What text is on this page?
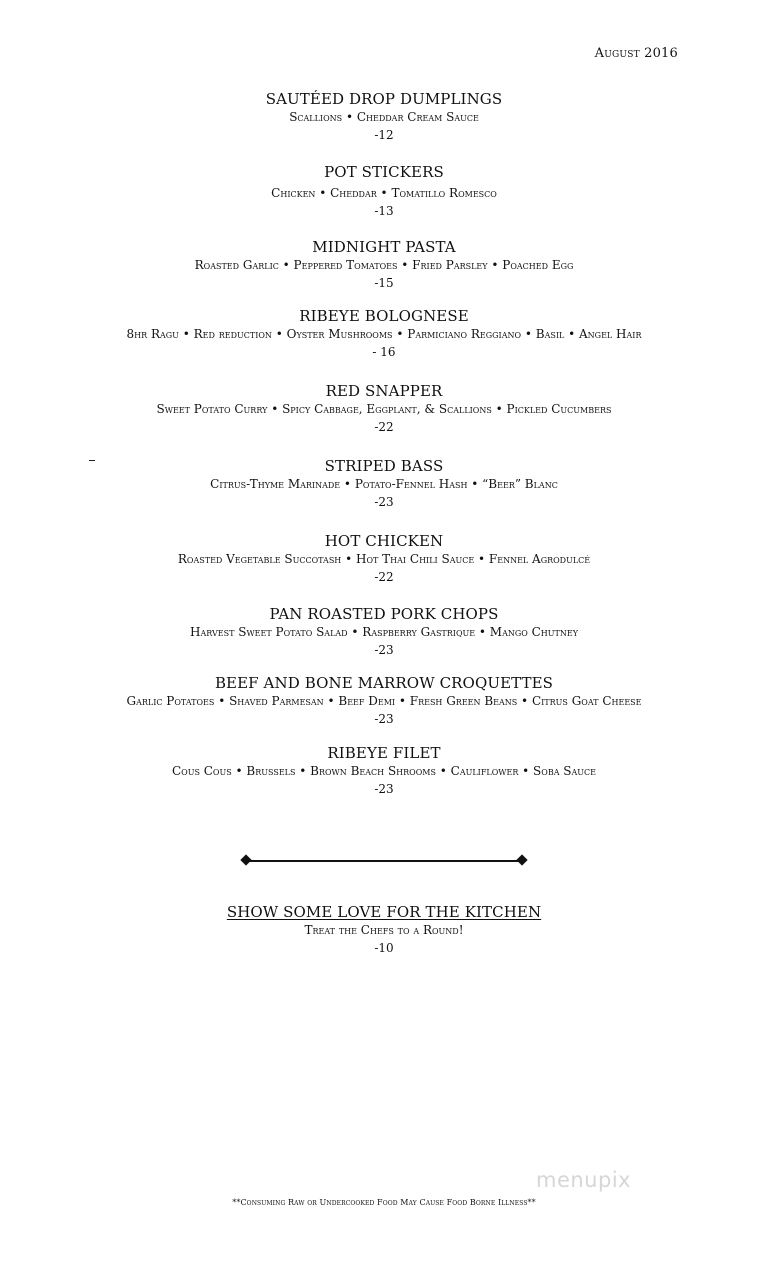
August 2016
SAUTÉED DROP DUMPLINGS
Scallions • Cheddar Cream Sauce
-12
POT STICKERS
Chicken • Cheddar • Tomatillo Romesco
-13
MIDNIGHT PASTA
Roasted Garlic • Peppered Tomatoes • Fried Parsley • Poached Egg
-15
RIBEYE BOLOGNESE
8hr Ragu • Red reduction • Oyster Mushrooms • Parmiciano Reggiano • Basil • Angel Hair
- 16
RED SNAPPER
Sweet Potato Curry • Spicy Cabbage, Eggplant, & Scallions • Pickled Cucumbers
-22
STRIPED BASS
Citrus-Thyme Marinade • Potato-Fennel Hash • “Beer” Blanc
-23
HOT CHICKEN
Roasted Vegetable Succotash • Hot Thai Chili Sauce • Fennel Agrodulcé
-22
PAN ROASTED PORK CHOPS
Harvest Sweet Potato Salad • Raspberry Gastrique • Mango Chutney
-23
BEEF AND BONE MARROW CROQUETTES
Garlic Potatoes • Shaved Parmesan • Beef Demi • Fresh Green Beans • Citrus Goat Cheese
-23
RIBEYE FILET
Cous Cous • Brussels • Brown Beach Shrooms • Cauliflower • Soba Sauce
-23
SHOW SOME LOVE FOR THE KITCHEN
Treat the Chefs to a Round!
-10
menupix
**Consuming Raw or Undercooked Food May Cause Food Borne Illness**
